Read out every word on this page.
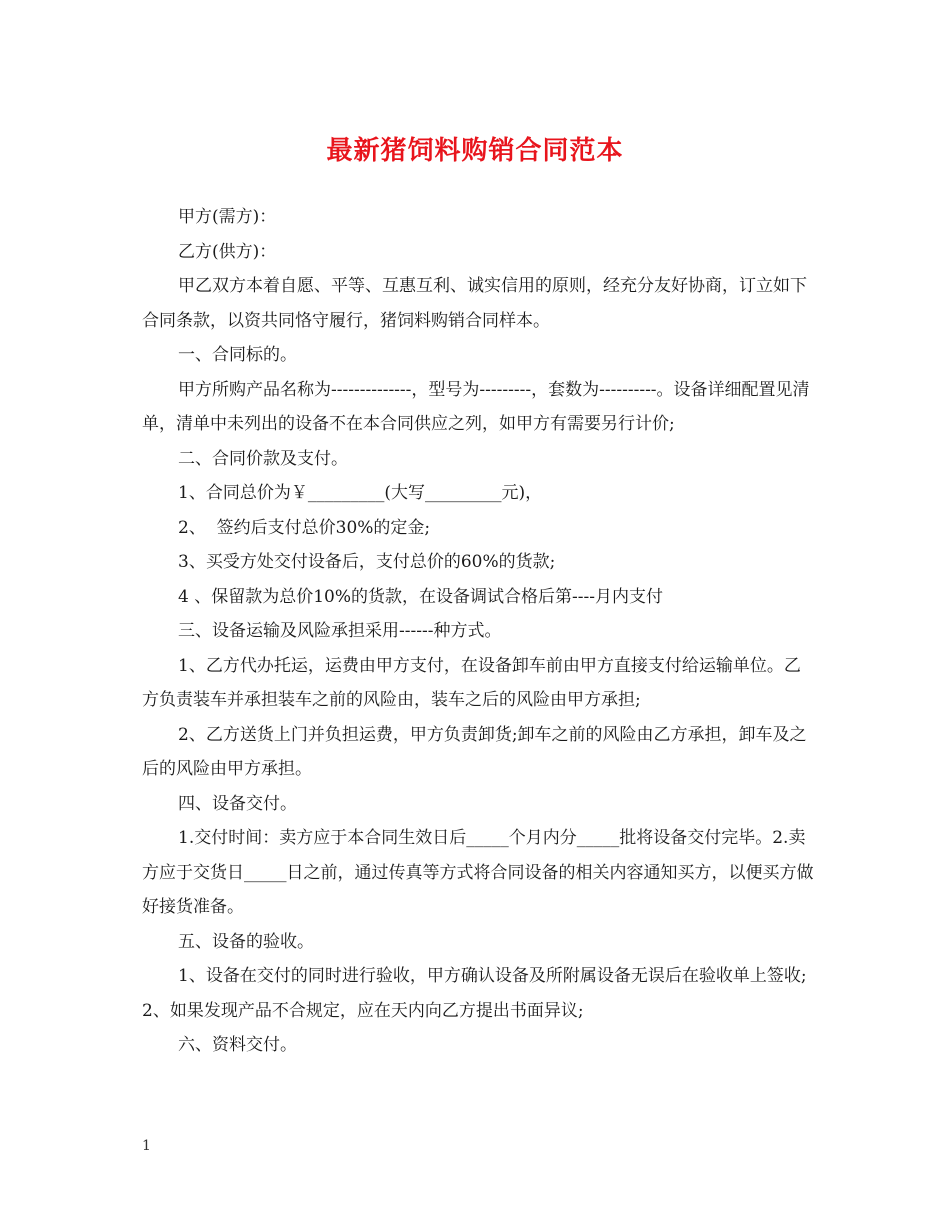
最新猪饲料购销合同范本

甲方(需方)：

乙方(供方)：

甲乙双方本着自愿、平等、互惠互利、诚实信用的原则，经充分友好协商，订立如下合同条款，以资共同恪守履行，猪饲料购销合同样本。

一、合同标的。

甲方所购产品名称为--------------，型号为---------，套数为----------。设备详细配置见清单，清单中未列出的设备不在本合同供应之列，如甲方有需要另行计价;

二、合同价款及支付。

1、合同总价为￥_________(大写_________元)，

2、  签约后支付总价30%的定金;

3、买受方处交付设备后，支付总价的60%的货款;

4 、保留款为总价10%的货款，在设备调试合格后第----月内支付

三、设备运输及风险承担采用------种方式。

1、乙方代办托运，运费由甲方支付，在设备卸车前由甲方直接支付给运输单位。乙方负责装车并承担装车之前的风险由，装车之后的风险由甲方承担;

2、乙方送货上门并负担运费，甲方负责卸货;卸车之前的风险由乙方承担，卸车及之后的风险由甲方承担。

四、设备交付。

1.交付时间：卖方应于本合同生效日后_____个月内分_____批将设备交付完毕。2.卖方应于交货日_____日之前，通过传真等方式将合同设备的相关内容通知买方，以便买方做好接货准备。

五、设备的验收。

1、设备在交付的同时进行验收，甲方确认设备及所附属设备无误后在验收单上签收;2、如果发现产品不合规定，应在天内向乙方提出书面异议;

六、资料交付。

1
